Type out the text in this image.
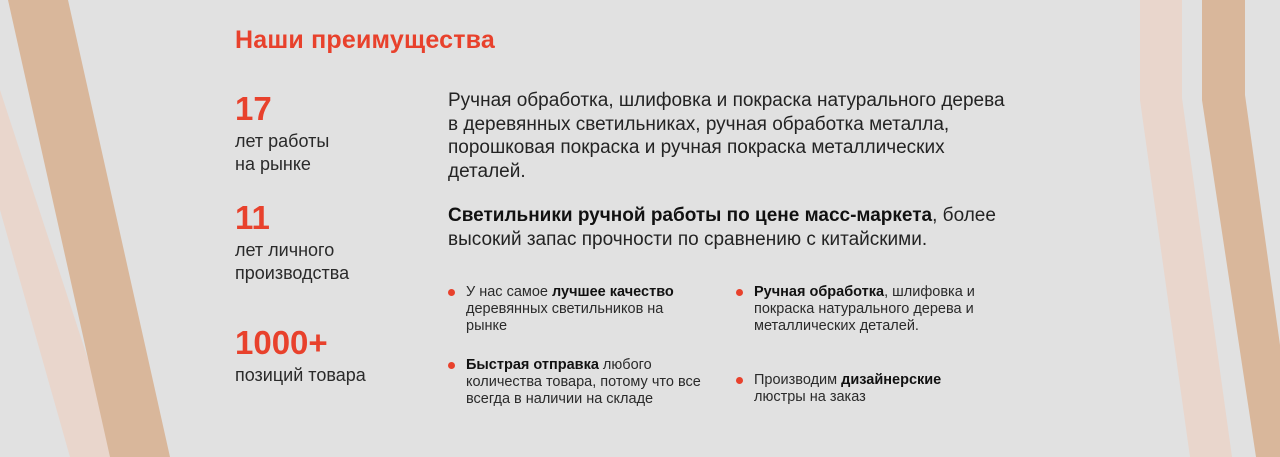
Наши преимущества
17
лет работы
на рынке
11
лет личного
производства
1000+
позиций товара

Ручная обработка, шлифовка и покраска натурального дерева в деревянных светильниках, ручная обработка металла, порошковая покраска и ручная покраска металлических деталей.

Светильники ручной работы по цене масс-маркета, более высокий запас прочности по сравнению с китайскими.

У нас самое лучшее качество деревянных светильников на рынке
Быстрая отправка любого количества товара, потому что все всегда в наличии на складе
Ручная обработка, шлифовка и покраска натурального дерева и металлических деталей.
Производим дизайнерские люстры на заказ
